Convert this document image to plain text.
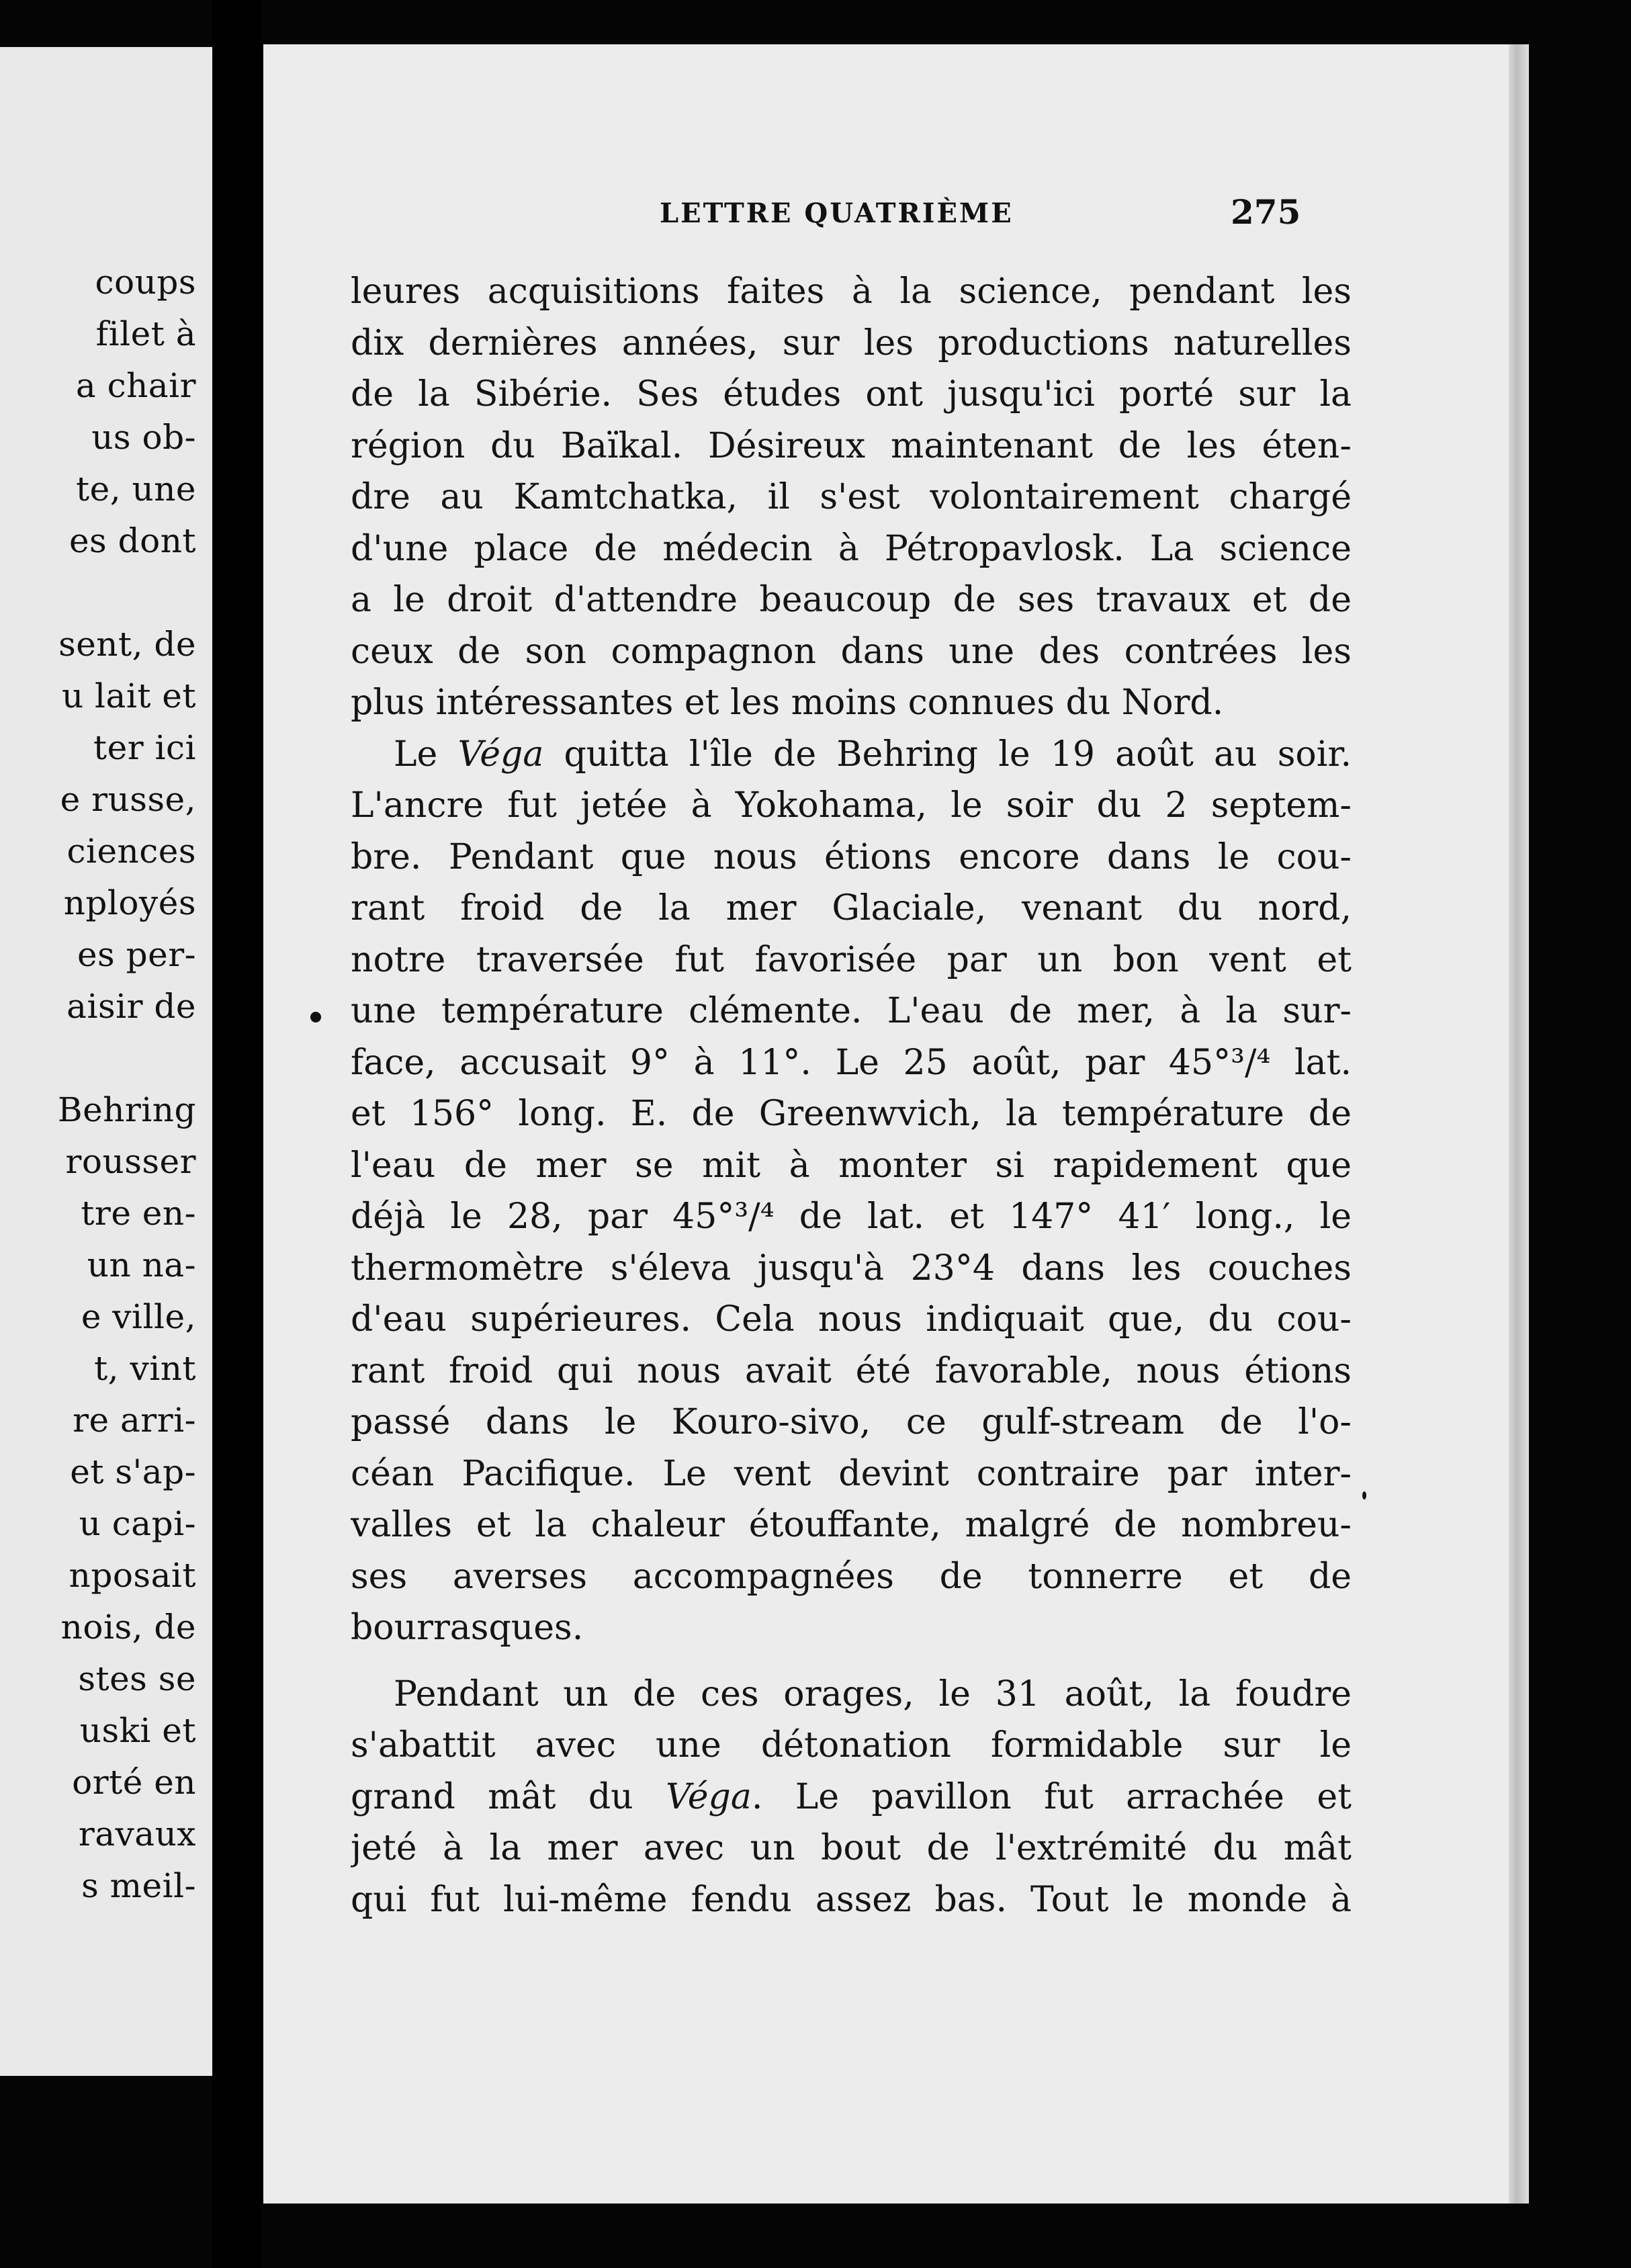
coups
filet à
a chair
us ob-
te, une
es dont
sent, de
u lait et
ter ici
e russe,
ciences
nployés
es per-
aisir de
Behring
rousser
tre en-
un na-
e ville,
t, vint
re arri-
et s'ap-
u capi-
nposait
nois, de
stes se
uski et
orté en
ravaux
s meil-
LETTRE QUATRIÈME	275
leures acquisitions faites à la science, pendant les
dix dernières années, sur les productions naturelles
de la Sibérie. Ses études ont jusqu'ici porté sur la
région du Baïkal. Désireux maintenant de les éten-
dre au Kamtchatka, il s'est volontairement chargé
d'une place de médecin à Pétropavlosk. La science
a le droit d'attendre beaucoup de ses travaux et de
ceux de son compagnon dans une des contrées les
plus intéressantes et les moins connues du Nord.
Le Véga quitta l'île de Behring le 19 août au soir.
L'ancre fut jetée à Yokohama, le soir du 2 septem-
bre. Pendant que nous étions encore dans le cou-
rant froid de la mer Glaciale, venant du nord,
notre traversée fut favorisée par un bon vent et
une température clémente. L'eau de mer, à la sur-
face, accusait 9° à 11°. Le 25 août, par 45°³/⁴ lat.
et 156° long. E. de Greenwvich, la température de
l'eau de mer se mit à monter si rapidement que
déjà le 28, par 45°³/⁴ de lat. et 147° 41′ long., le
thermomètre s'éleva jusqu'à 23°4 dans les couches
d'eau supérieures. Cela nous indiquait que, du cou-
rant froid qui nous avait été favorable, nous étions
passé dans le Kouro-sivo, ce gulf-stream de l'o-
céan Pacifique. Le vent devint contraire par inter-
valles et la chaleur étouffante, malgré de nombreu-
ses averses accompagnées de tonnerre et de
bourrasques.
Pendant un de ces orages, le 31 août, la foudre
s'abattit avec une détonation formidable sur le
grand mât du Véga. Le pavillon fut arrachée et
jeté à la mer avec un bout de l'extrémité du mât
qui fut lui-même fendu assez bas. Tout le monde à
